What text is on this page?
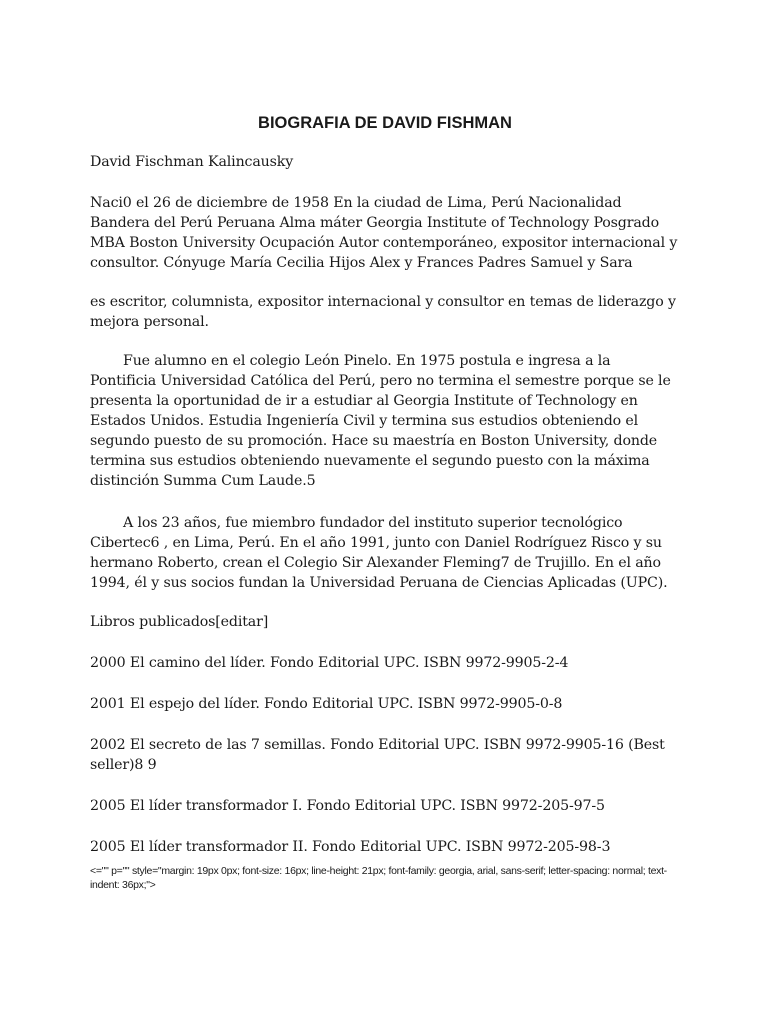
BIOGRAFIA DE DAVID FISHMAN

David Fischman Kalincausky

Naci0 el 26 de diciembre de 1958 En la ciudad de Lima, Perú Nacionalidad Bandera del Perú Peruana Alma máter Georgia Institute of Technology Posgrado MBA Boston University Ocupación Autor contemporáneo, expositor internacional y consultor. Cónyuge María Cecilia Hijos Alex y Frances Padres Samuel y Sara

es escritor, columnista, expositor internacional y consultor en temas de liderazgo y mejora personal.

Fue alumno en el colegio León Pinelo. En 1975 postula e ingresa a la Pontificia Universidad Católica del Perú, pero no termina el semestre porque se le presenta la oportunidad de ir a estudiar al Georgia Institute of Technology en Estados Unidos. Estudia Ingeniería Civil y termina sus estudios obteniendo el segundo puesto de su promoción. Hace su maestría en Boston University, donde termina sus estudios obteniendo nuevamente el segundo puesto con la máxima distinción Summa Cum Laude.5

A los 23 años, fue miembro fundador del instituto superior tecnológico Cibertec6 , en Lima, Perú. En el año 1991, junto con Daniel Rodríguez Risco y su hermano Roberto, crean el Colegio Sir Alexander Fleming7 de Trujillo. En el año 1994, él y sus socios fundan la Universidad Peruana de Ciencias Aplicadas (UPC).

Libros publicados[editar]

2000 El camino del líder. Fondo Editorial UPC. ISBN 9972-9905-2-4
2001 El espejo del líder. Fondo Editorial UPC. ISBN 9972-9905-0-8
2002 El secreto de las 7 semillas. Fondo Editorial UPC. ISBN 9972-9905-16 (Best seller)8 9
2005 El líder transformador I. Fondo Editorial UPC. ISBN 9972-205-97-5
2005 El líder transformador II. Fondo Editorial UPC. ISBN 9972-205-98-3

<="" p="" style="margin: 19px 0px; font-size: 16px; line-height: 21px; font-family: georgia, arial, sans-serif; letter-spacing: normal; text-indent: 36px;">
